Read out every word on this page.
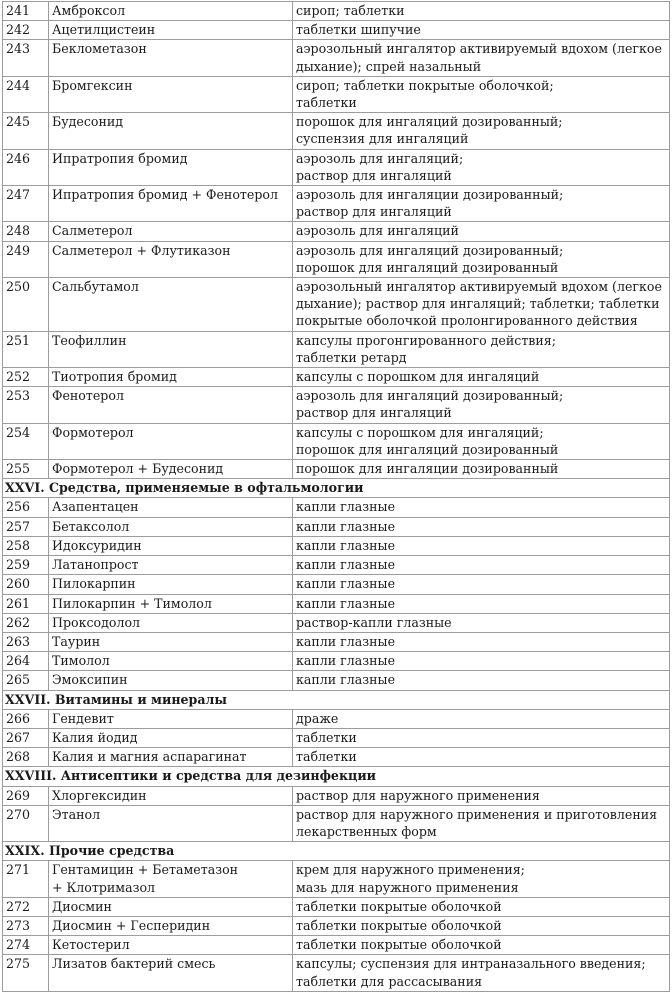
241	Амброксол	сироп; таблетки

242	Ацетилцистеин	таблетки шипучие

243	Беклометазон	аэрозольный ингалятор активируемый вдохом (легкое
дыхание); спрей назальный

244	Бромгексин	сироп; таблетки покрытые оболочкой;
таблетки

245	Будесонид	порошок для ингаляций дозированный;
суспензия для ингаляций

246	Ипратропия бромид	аэрозоль для ингаляций;
раствор для ингаляций

247	Ипратропия бромид + Фенотерол	аэрозоль для ингаляции дозированный;
раствор для ингаляций

248	Салметерол	аэрозоль для ингаляций

249	Салметерол + Флутиказон	аэрозоль для ингаляций дозированный;
порошок для ингаляций дозированный

250	Сальбутамол	аэрозольный ингалятор активируемый вдохом (легкое
дыхание); раствор для ингаляций; таблетки; таблетки
покрытые оболочкой пролонгированного действия

251	Теофиллин	капсулы прогонгированного действия;
таблетки ретард

252	Тиотропия бромид	капсулы с порошком для ингаляций

253	Фенотерол	аэрозоль для ингаляций дозированный;
раствор для ингаляций

254	Формотерол	капсулы с порошком для ингаляций;
порошок для ингаляций дозированный

255	Формотерол + Будесонид	порошок для ингаляции дозированный

XXVI. Средства, применяемые в офтальмологии		
256	Азапентацен	капли глазные

257	Бетаксолол	капли глазные

258	Идоксуридин	капли глазные

259	Латанопрост	капли глазные

260	Пилокарпин	капли глазные

261	Пилокарпин + Тимолол	капли глазные

262	Проксодолол	раствор-капли глазные

263	Таурин	капли глазные

264	Тимолол	капли глазные

265	Эмоксипин	капли глазные

XXVII. Витамины и минералы		
266	Гендевит	драже

267	Калия йодид	таблетки

268	Калия и магния аспарагинат	таблетки

XXVIII. Антисептики и средства для дезинфекции		
269	Хлоргексидин	раствор для наружного применения

270	Этанол	раствор для наружного применения и приготовления
лекарственных форм

XXIX. Прочие средства		
271	Гентамицин + Бетаметазон
+ Клотримазол	крем для наружного применения;
мазь для наружного применения

272	Диосмин	таблетки покрытые оболочкой

273	Диосмин + Гесперидин	таблетки покрытые оболочкой

274	Кетостерил	таблетки покрытые оболочкой

275	Лизатов бактерий смесь	капсулы; суспензия для интраназального введения;
таблетки для рассасывания
